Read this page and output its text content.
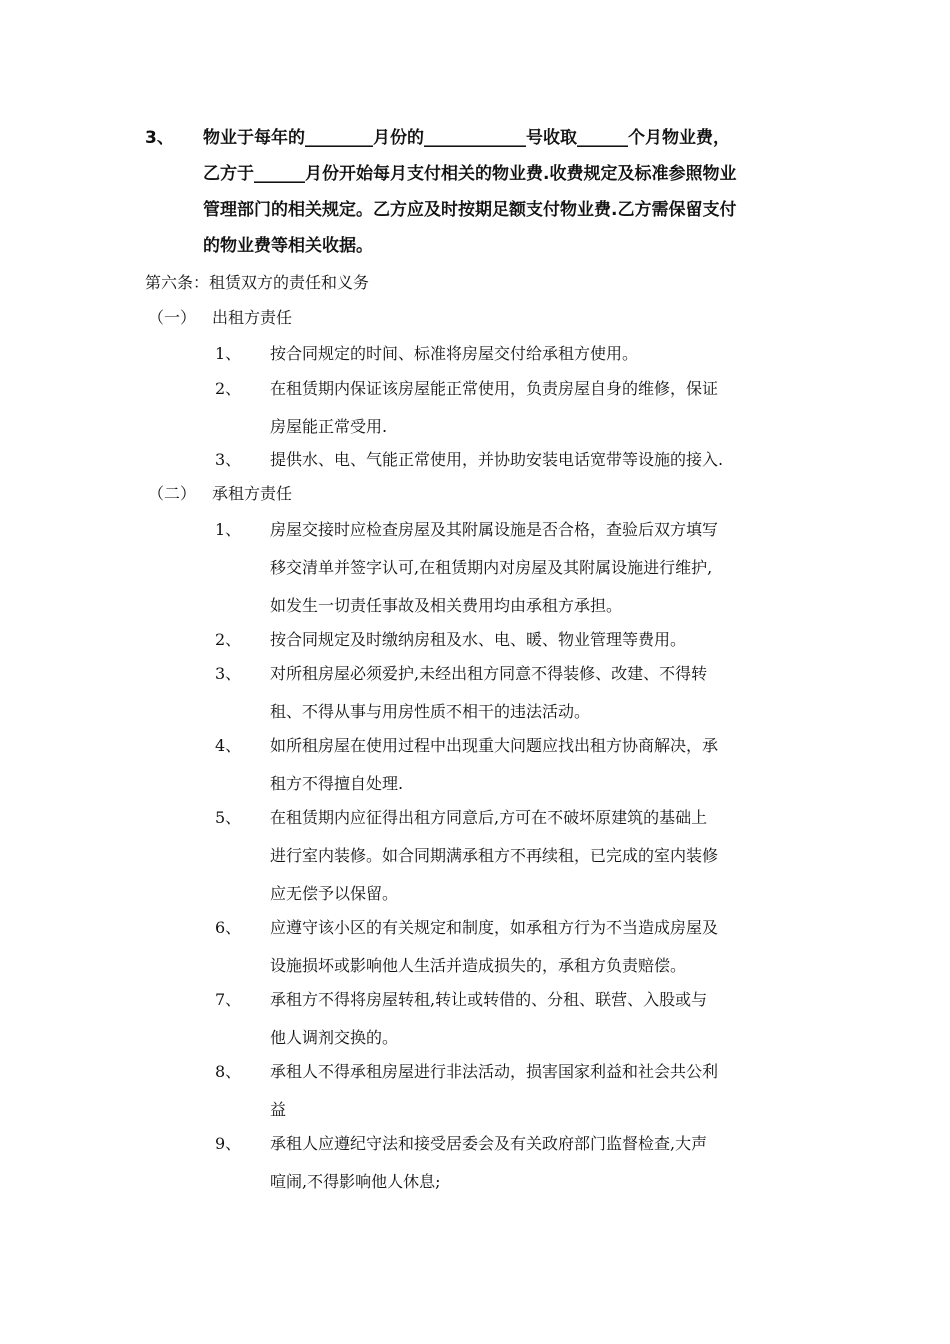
3、 物业于每年的________月份的____________号收取______个月物业费，
乙方于______月份开始每月支付相关的物业费.收费规定及标准参照物业
管理部门的相关规定。乙方应及时按期足额支付物业费.乙方需保留支付
的物业费等相关收据。
第六条：租赁双方的责任和义务
（一） 出租方责任
1、 按合同规定的时间、标准将房屋交付给承租方使用。
2、 在租赁期内保证该房屋能正常使用，负责房屋自身的维修，保证
房屋能正常受用.
3、 提供水、电、气能正常使用，并协助安装电话宽带等设施的接入.
（二） 承租方责任
1、 房屋交接时应检查房屋及其附属设施是否合格，查验后双方填写
移交清单并签字认可,在租赁期内对房屋及其附属设施进行维护,
如发生一切责任事故及相关费用均由承租方承担。
2、 按合同规定及时缴纳房租及水、电、暖、物业管理等费用。
3、 对所租房屋必须爱护,未经出租方同意不得装修、改建、不得转
租、不得从事与用房性质不相干的违法活动。
4、 如所租房屋在使用过程中出现重大问题应找出租方协商解决，承
租方不得擅自处理.
5、 在租赁期内应征得出租方同意后,方可在不破坏原建筑的基础上
进行室内装修。如合同期满承租方不再续租，已完成的室内装修
应无偿予以保留。
6、 应遵守该小区的有关规定和制度，如承租方行为不当造成房屋及
设施损坏或影响他人生活并造成损失的，承租方负责赔偿。
7、 承租方不得将房屋转租,转让或转借的、分租、联营、入股或与
他人调剂交换的。
8、 承租人不得承租房屋进行非法活动，损害国家利益和社会共公利
益
9、 承租人应遵纪守法和接受居委会及有关政府部门监督检查,大声
喧闹,不得影响他人休息;
